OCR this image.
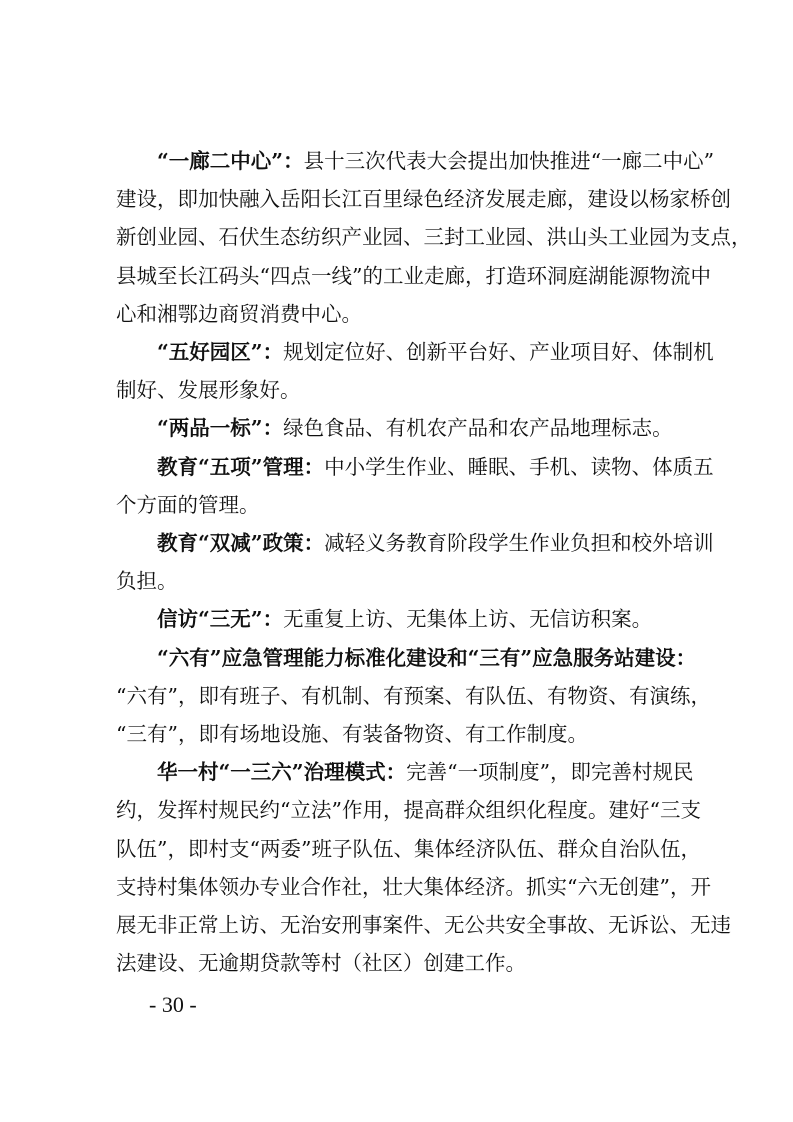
“一廊二中心”：县十三次代表大会提出加快推进“一廊二中心”
建设，即加快融入岳阳长江百里绿色经济发展走廊，建设以杨家桥创
新创业园、石伏生态纺织产业园、三封工业园、洪山头工业园为支点，
县城至长江码头“四点一线”的工业走廊，打造环洞庭湖能源物流中
心和湘鄂边商贸消费中心。
“五好园区”：规划定位好、创新平台好、产业项目好、体制机
制好、发展形象好。
“两品一标”：绿色食品、有机农产品和农产品地理标志。
教育“五项”管理：中小学生作业、睡眠、手机、读物、体质五
个方面的管理。
教育“双减”政策：减轻义务教育阶段学生作业负担和校外培训
负担。
信访“三无”：无重复上访、无集体上访、无信访积案。
“六有”应急管理能力标准化建设和“三有”应急服务站建设：
“六有”，即有班子、有机制、有预案、有队伍、有物资、有演练，
“三有”，即有场地设施、有装备物资、有工作制度。
华一村“一三六”治理模式：完善“一项制度”，即完善村规民
约，发挥村规民约“立法”作用，提高群众组织化程度。建好“三支
队伍”，即村支“两委”班子队伍、集体经济队伍、群众自治队伍，
支持村集体领办专业合作社，壮大集体经济。抓实“六无创建”，开
展无非正常上访、无治安刑事案件、无公共安全事故、无诉讼、无违
法建设、无逾期贷款等村（社区）创建工作。
- 30 -
